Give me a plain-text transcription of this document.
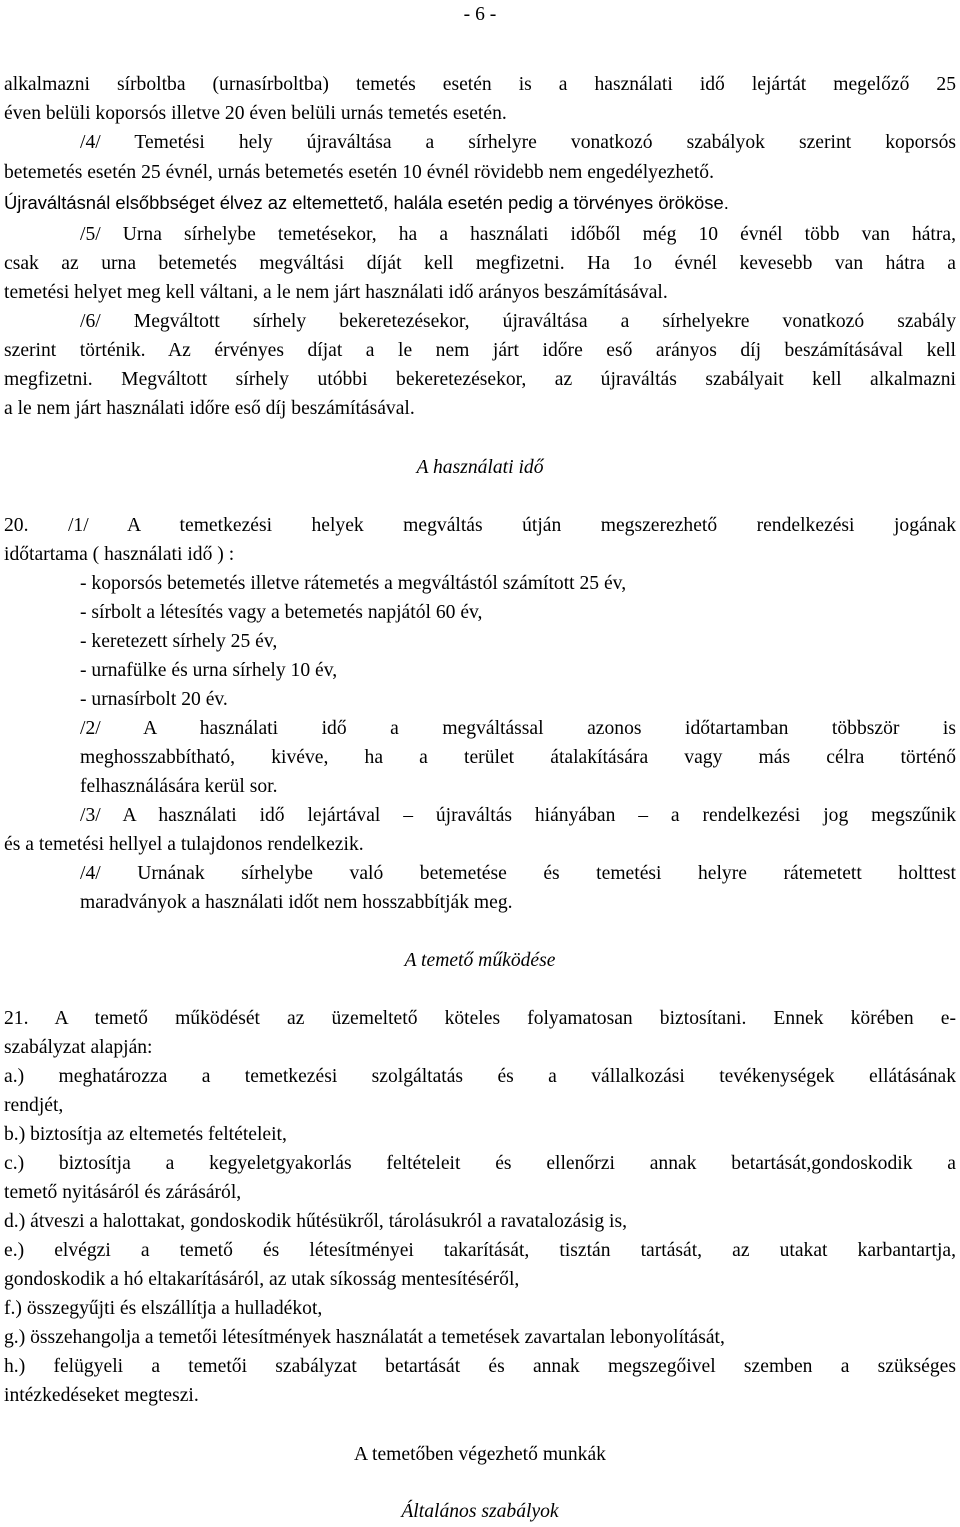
- 6 -
alkalmazni sírboltba (urnasírboltba) temetés esetén is a használati idő lejártát megelőző 25
éven belüli koporsós illetve 20 éven belüli urnás temetés esetén.
/4/ Temetési hely újraváltása a sírhelyre vonatkozó szabályok szerint koporsós
betemetés esetén 25 évnél, urnás betemetés esetén 10 évnél rövidebb nem engedélyezhető.
Újraváltásnál elsőbbséget élvez az eltemettető, halála esetén pedig a törvényes örököse.
/5/ Urna sírhelybe temetésekor, ha a használati időből még 10 évnél több van hátra,
csak az urna betemetés megváltási díját kell megfizetni. Ha 1o évnél kevesebb van hátra a
temetési helyet meg kell váltani, a le nem járt használati idő arányos beszámításával.
/6/ Megváltott sírhely bekeretezésekor, újraváltása a sírhelyekre vonatkozó szabály
szerint történik. Az érvényes díjat a le nem járt időre eső arányos díj beszámításával kell
megfizetni. Megváltott sírhely utóbbi bekeretezésekor, az újraváltás szabályait kell alkalmazni
a le nem járt használati időre eső díj beszámításával.
A használati idő
20. /1/ A temetkezési helyek megváltás útján megszerezhető rendelkezési jogának
időtartama ( használati idő ) :
- koporsós betemetés illetve rátemetés a megváltástól számított 25 év,
- sírbolt a létesítés vagy a betemetés napjától 60 év,
- keretezett sírhely 25 év,
- urnafülke és urna sírhely 10 év,
- urnasírbolt 20 év.
/2/ A használati idő a megváltással azonos időtartamban többször is
meghosszabbítható, kivéve, ha a terület átalakítására vagy más célra történő
felhasználására kerül sor.
/3/ A használati idő lejártával – újraváltás hiányában – a rendelkezési jog megszűnik
és a temetési hellyel a tulajdonos rendelkezik.
/4/ Urnának sírhelybe való betemetése és temetési helyre rátemetett holttest
maradványok a használati időt nem hosszabbítják meg.
A temető működése
21. A temető működését az üzemeltető köteles folyamatosan biztosítani. Ennek körében e-
szabályzat alapján:
a.) meghatározza a temetkezési szolgáltatás és a vállalkozási tevékenységek ellátásának
rendjét,
b.) biztosítja az eltemetés feltételeit,
c.) biztosítja a kegyeletgyakorlás feltételeit és ellenőrzi annak betartását,gondoskodik a
temető nyitásáról és zárásáról,
d.) átveszi a halottakat, gondoskodik hűtésükről, tárolásukról a ravatalozásig is,
e.) elvégzi a temető és létesítményei takarítását, tisztán tartását, az utakat karbantartja,
gondoskodik a hó eltakarításáról, az utak síkosság mentesítéséről,
f.) összegyűjti és elszállítja a hulladékot,
g.) összehangolja a temetői létesítmények használatát a temetések zavartalan lebonyolítását,
h.) felügyeli a temetői szabályzat betartását és annak megszegőivel szemben a szükséges
intézkedéseket megteszi.
A temetőben végezhető munkák
Általános szabályok
